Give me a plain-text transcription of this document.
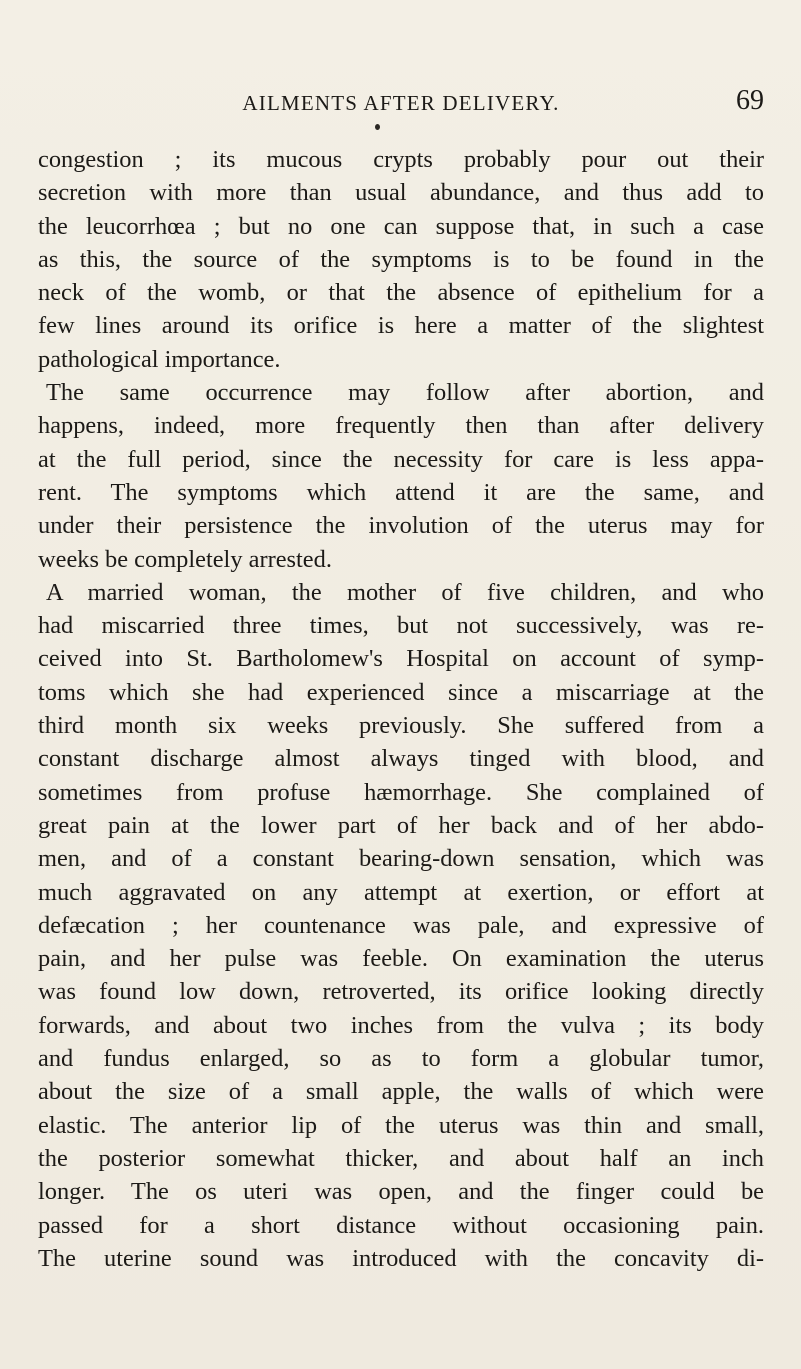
AILMENTS AFTER DELIVERY.	69
congestion ; its mucous crypts probably pour out their
secretion with more than usual abundance, and thus add to
the leucorrhœa ; but no one can suppose that, in such a case
as this, the source of the symptoms is to be found in the
neck of the womb, or that the absence of epithelium for a
few lines around its orifice is here a matter of the slightest
pathological importance.
The same occurrence may follow after abortion, and
happens, indeed, more frequently then than after delivery
at the full period, since the necessity for care is less appa-
rent. The symptoms which attend it are the same, and
under their persistence the involution of the uterus may for
weeks be completely arrested.
A married woman, the mother of five children, and who
had miscarried three times, but not successively, was re-
ceived into St. Bartholomew's Hospital on account of symp-
toms which she had experienced since a miscarriage at the
third month six weeks previously. She suffered from a
constant discharge almost always tinged with blood, and
sometimes from profuse hæmorrhage. She complained of
great pain at the lower part of her back and of her abdo-
men, and of a constant bearing-down sensation, which was
much aggravated on any attempt at exertion, or effort at
defæcation ; her countenance was pale, and expressive of
pain, and her pulse was feeble. On examination the uterus
was found low down, retroverted, its orifice looking directly
forwards, and about two inches from the vulva ; its body
and fundus enlarged, so as to form a globular tumor,
about the size of a small apple, the walls of which were
elastic. The anterior lip of the uterus was thin and small,
the posterior somewhat thicker, and about half an inch
longer. The os uteri was open, and the finger could be
passed for a short distance without occasioning pain.
The uterine sound was introduced with the concavity di-
